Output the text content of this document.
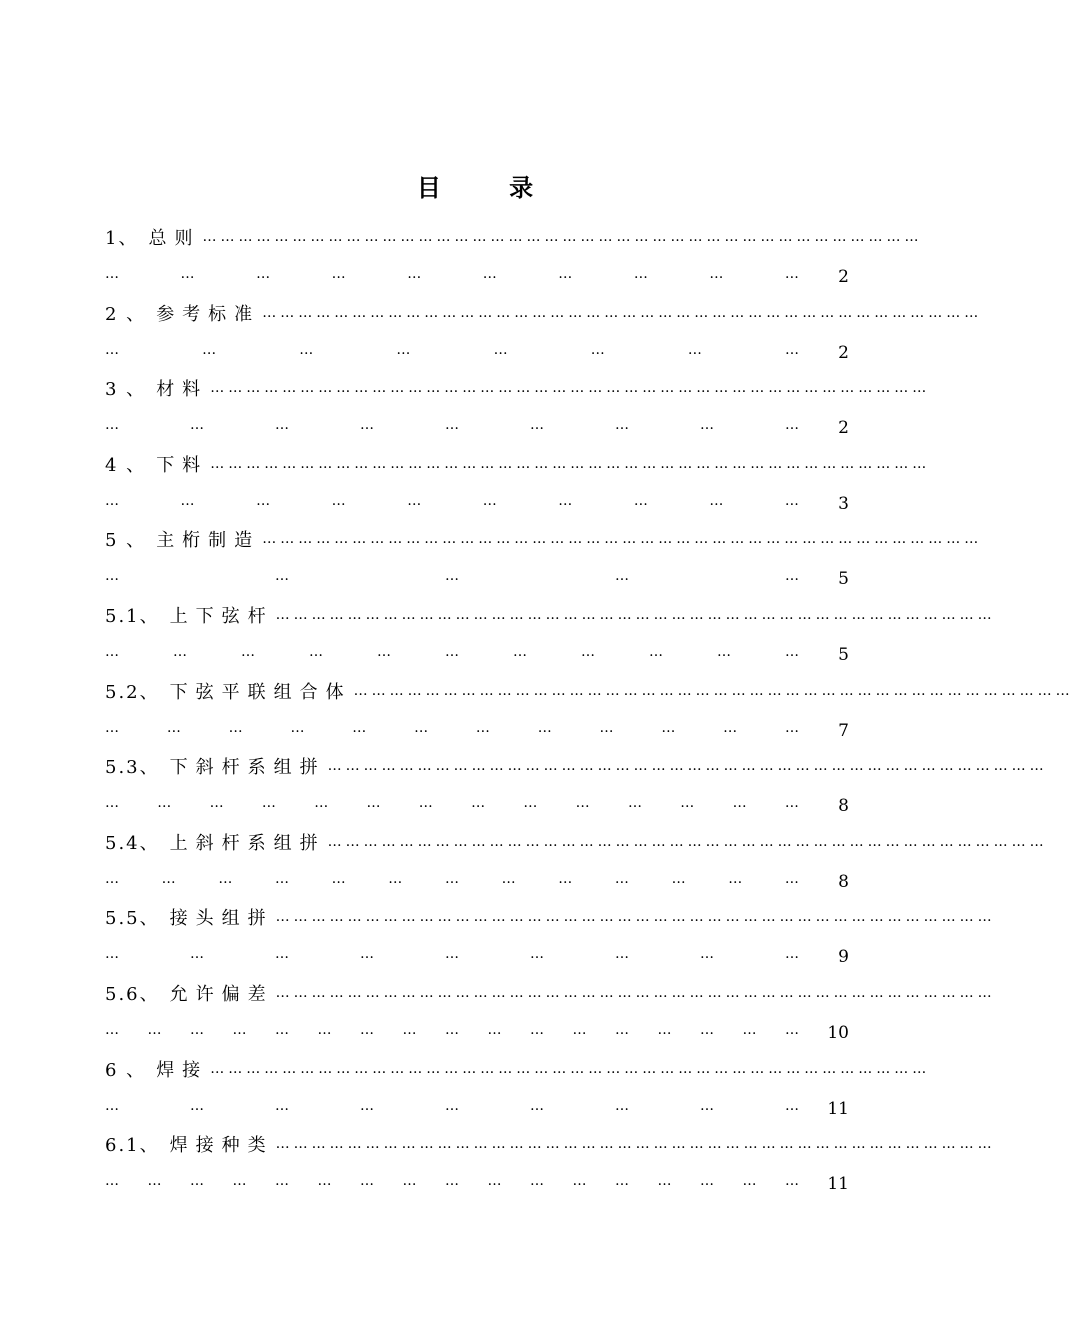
目 录
1、 总则 …………………………………………………………………………………………………………
…	…	…	…	…	…	…	…	…	…	2
2 、 参考标准 …………………………………………………………………………………………………………
…	…	…	…	…	…	…	…	2
3 、 材料 …………………………………………………………………………………………………………
…	…	…	…	…	…	…	…	…	2
4 、 下料 …………………………………………………………………………………………………………
…	…	…	…	…	…	…	…	…	…	3
5 、 主桁制造 …………………………………………………………………………………………………………
…	…	…	…	…	5
5.1、 上下弦杆 …………………………………………………………………………………………………………
…	…	…	…	…	…	…	…	…	…	…	5
5.2、 下弦平联组合体 …………………………………………………………………………………………………………
…	…	…	…	…	…	…	…	…	…	…	…	7
5.3、 下斜杆系组拼 …………………………………………………………………………………………………………
…	…	…	…	…	…	…	…	…	…	…	…	…	…	8
5.4、 上斜杆系组拼 …………………………………………………………………………………………………………
…	…	…	…	…	…	…	…	…	…	…	…	…	8
5.5、 接头组拼 …………………………………………………………………………………………………………
…	…	…	…	…	…	…	…	…	9
5.6、 允许偏差 …………………………………………………………………………………………………………
… … … … … … … … … … … … … … … … … 10
6 、 焊接 …………………………………………………………………………………………………………
…	…	…	…	…	…	…	…	… 11
6.1、 焊接种类 …………………………………………………………………………………………………………
… … … … … … … … … … … … … … … … … 11
